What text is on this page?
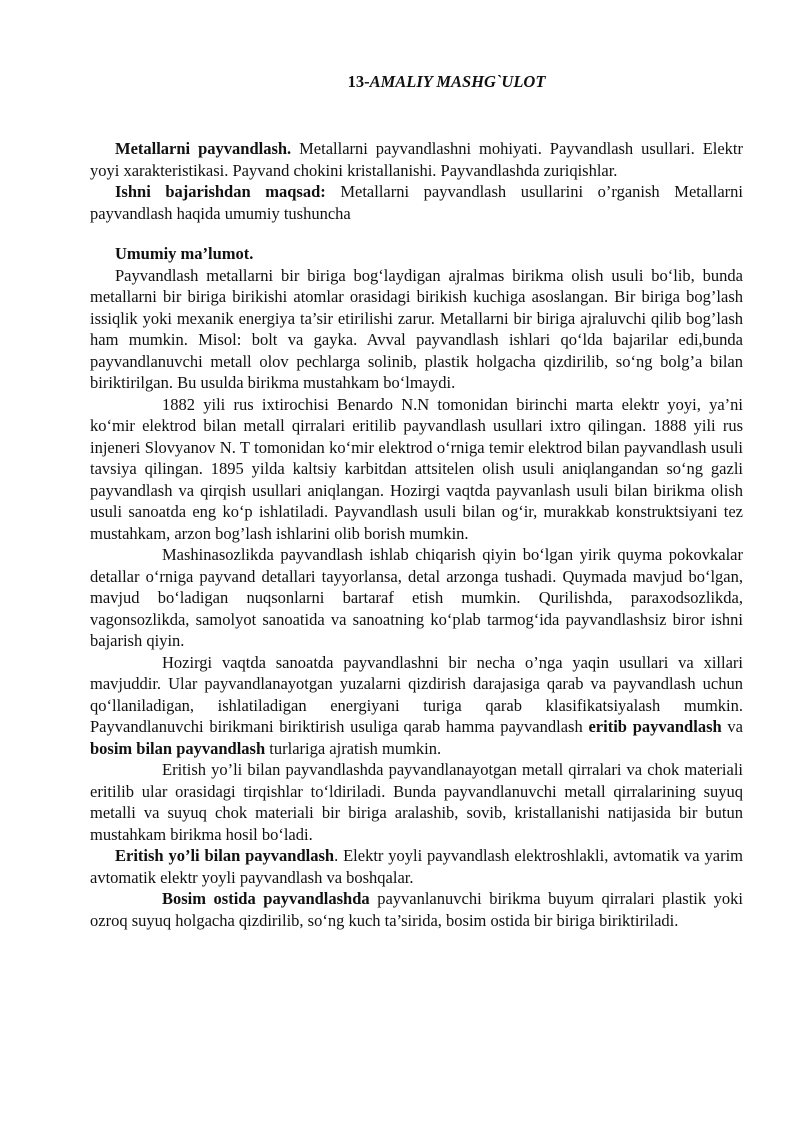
13-AMALIY MASHG`ULOT

Metallarni payvandlash. Metallarni payvandlashni mohiyati. Payvandlash usullari. Elektr yoyi xarakteristikasi. Payvand chokini kristallanishi. Payvandlashda zuriqishlar.

Ishni bajarishdan maqsad: Metallarni payvandlash usullarini o’rganish Metallarni payvandlash haqida umumiy tushuncha

Umumiy ma’lumot.

Payvandlash metallarni bir biriga bog‘laydigan ajralmas birikma olish usuli bo‘lib, bunda metallarni bir biriga birikishi atomlar orasidagi birikish kuchiga asoslangan. Bir biriga bog’lash issiqlik yoki mexanik energiya ta’sir etirilishi zarur. Metallarni bir biriga ajraluvchi qilib bog’lash ham mumkin. Misol: bolt va gayka. Avval payvandlash ishlari qo‘lda bajarilar edi,bunda payvandlanuvchi metall olov pechlarga solinib, plastik holgacha qizdirilib, so‘ng bolg’a bilan biriktirilgan. Bu usulda birikma mustahkam bo‘lmaydi.

1882 yili rus ixtirochisi Benardo N.N tomonidan birinchi marta elektr yoyi, ya’ni ko‘mir elektrod bilan metall qirralari eritilib payvandlash usullari ixtro qilingan. 1888 yili rus injeneri Slovyanov N. T tomonidan ko‘mir elektrod o‘rniga temir elektrod bilan payvandlash usuli tavsiya qilingan. 1895 yilda kaltsiy karbitdan attsitelen olish usuli aniqlangandan so‘ng gazli payvandlash va qirqish usullari aniqlangan. Hozirgi vaqtda payvanlash usuli bilan birikma olish usuli sanoatda eng ko‘p ishlatiladi. Payvandlash usuli bilan og‘ir, murakkab konstruktsiyani tez mustahkam, arzon bog’lash ishlarini olib borish mumkin.

Mashinasozlikda payvandlash ishlab chiqarish qiyin bo‘lgan yirik quyma pokovkalar detallar o‘rniga payvand detallari tayyorlansa, detal arzonga tushadi. Quymada mavjud bo‘lgan, mavjud bo‘ladigan nuqsonlarni bartaraf etish mumkin. Qurilishda, paraxodsozlikda, vagonsozlikda, samolyot sanoatida va sanoatning ko‘plab tarmog‘ida payvandlashsiz biror ishni bajarish qiyin.

Hozirgi vaqtda sanoatda payvandlashni bir necha o’nga yaqin usullari va xillari mavjuddir. Ular payvandlanayotgan yuzalarni qizdirish darajasiga qarab va payvandlash uchun qo‘llaniladigan, ishlatiladigan energiyani turiga qarab klasifikatsiyalash mumkin. Payvandlanuvchi birikmani biriktirish usuliga qarab hamma payvandlash eritib payvandlash va bosim bilan payvandlash turlariga ajratish mumkin.

Eritish yo’li bilan payvandlashda payvandlanayotgan metall qirralari va chok materiali eritilib ular orasidagi tirqishlar to‘ldiriladi. Bunda payvandlanuvchi metall qirralarining suyuq metalli va suyuq chok materiali bir biriga aralashib, sovib, kristallanishi natijasida bir butun mustahkam birikma hosil bo‘ladi.

Eritish yo’li bilan payvandlash. Elektr yoyli payvandlash elektroshlakli, avtomatik va yarim avtomatik elektr yoyli payvandlash va boshqalar.

Bosim ostida payvandlashda payvanlanuvchi birikma buyum qirralari plastik yoki ozroq suyuq holgacha qizdirilib, so‘ng kuch ta’sirida, bosim ostida bir biriga biriktiriladi.
